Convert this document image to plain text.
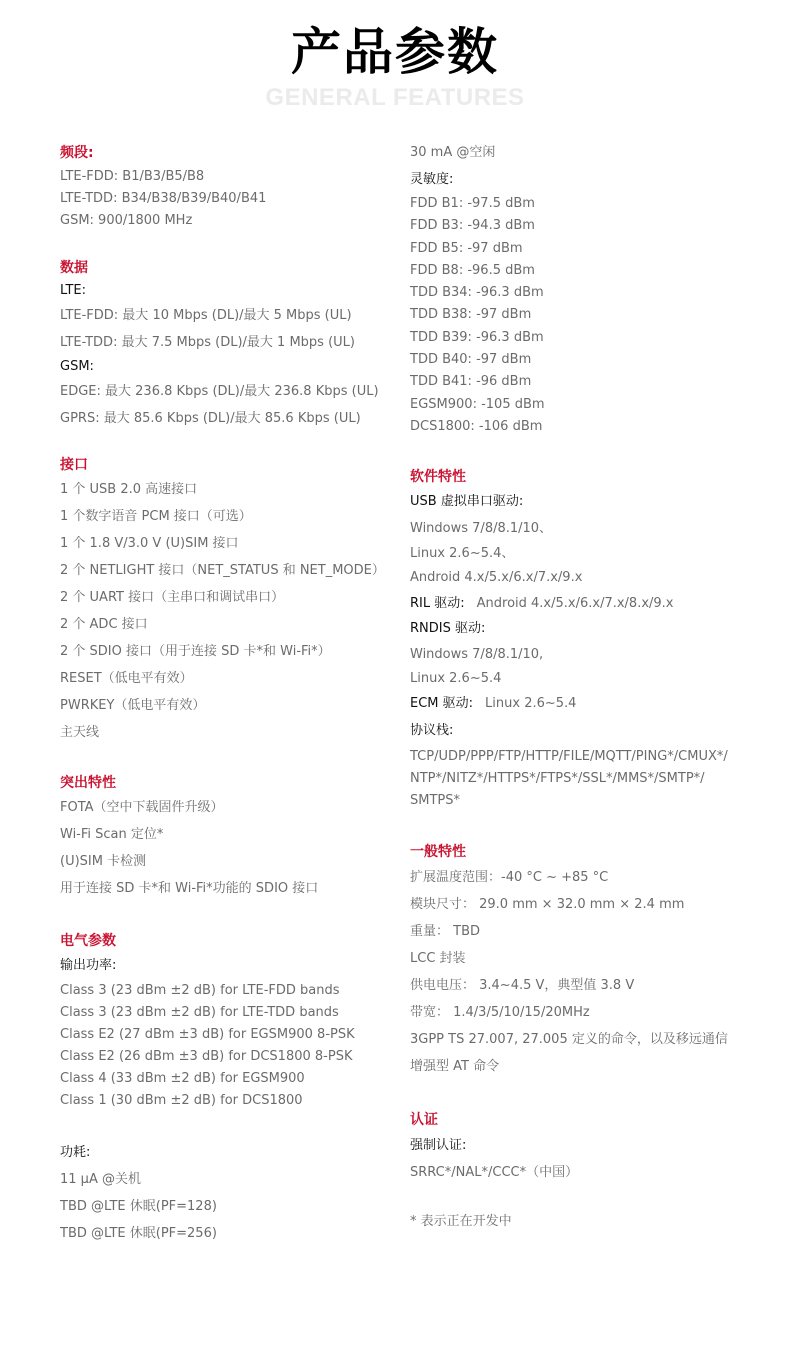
产品参数
GENERAL FEATURES

频段:

LTE-FDD: B1/B3/B5/B8

LTE-TDD: B34/B38/B39/B40/B41

GSM: 900/1800 MHz

数据

LTE:

LTE-FDD: 最大 10 Mbps (DL)/最大 5 Mbps (UL)

LTE-TDD: 最大 7.5 Mbps (DL)/最大 1 Mbps (UL)

GSM:

EDGE: 最大 236.8 Kbps (DL)/最大 236.8 Kbps (UL)

GPRS: 最大 85.6 Kbps (DL)/最大 85.6 Kbps (UL)

接口

1 个 USB 2.0 高速接口

1 个数字语音 PCM 接口（可选）

1 个 1.8 V/3.0 V (U)SIM 接口

2 个 NETLIGHT 接口（NET_STATUS 和 NET_MODE）

2 个 UART 接口（主串口和调试串口）

2 个 ADC 接口

2 个 SDIO 接口（用于连接 SD 卡*和 Wi-Fi*）

RESET（低电平有效）

PWRKEY（低电平有效）

主天线

突出特性

FOTA（空中下载固件升级）

Wi-Fi Scan 定位*

(U)SIM 卡检测

用于连接 SD 卡*和 Wi-Fi*功能的 SDIO 接口

电气参数

输出功率:

Class 3 (23 dBm ±2 dB) for LTE-FDD bands

Class 3 (23 dBm ±2 dB) for LTE-TDD bands

Class E2 (27 dBm ±3 dB) for EGSM900 8-PSK

Class E2 (26 dBm ±3 dB) for DCS1800 8-PSK

Class 4 (33 dBm ±2 dB) for EGSM900

Class 1 (30 dBm ±2 dB) for DCS1800

功耗:

11 μA @关机

TBD @LTE 休眠(PF=128)

TBD @LTE 休眠(PF=256)

30 mA @空闲

灵敏度:

FDD B1: -97.5 dBm

FDD B3: -94.3 dBm

FDD B5: -97 dBm

FDD B8: -96.5 dBm

TDD B34: -96.3 dBm

TDD B38: -97 dBm

TDD B39: -96.3 dBm

TDD B40: -97 dBm

TDD B41: -96 dBm

EGSM900: -105 dBm

DCS1800: -106 dBm

软件特性

USB 虚拟串口驱动:

Windows 7/8/8.1/10、

Linux 2.6~5.4、

Android 4.x/5.x/6.x/7.x/9.x

RIL 驱动: Android 4.x/5.x/6.x/7.x/8.x/9.x

RNDIS 驱动:

Windows 7/8/8.1/10,

Linux 2.6~5.4

ECM 驱动: Linux 2.6~5.4

协议栈:

TCP/UDP/PPP/FTP/HTTP/FILE/MQTT/PING*/CMUX*/

NTP*/NITZ*/HTTPS*/FTPS*/SSL*/MMS*/SMTP*/

SMTPS*

一般特性

扩展温度范围：-40 °C ~ +85 °C

模块尺寸： 29.0 mm × 32.0 mm × 2.4 mm

重量： TBD

LCC 封装

供电电压： 3.4~4.5 V，典型值 3.8 V

带宽： 1.4/3/5/10/15/20MHz

3GPP TS 27.007, 27.005 定义的命令，以及移远通信

增强型 AT 命令

认证

强制认证:

SRRC*/NAL*/CCC*（中国）

* 表示正在开发中
